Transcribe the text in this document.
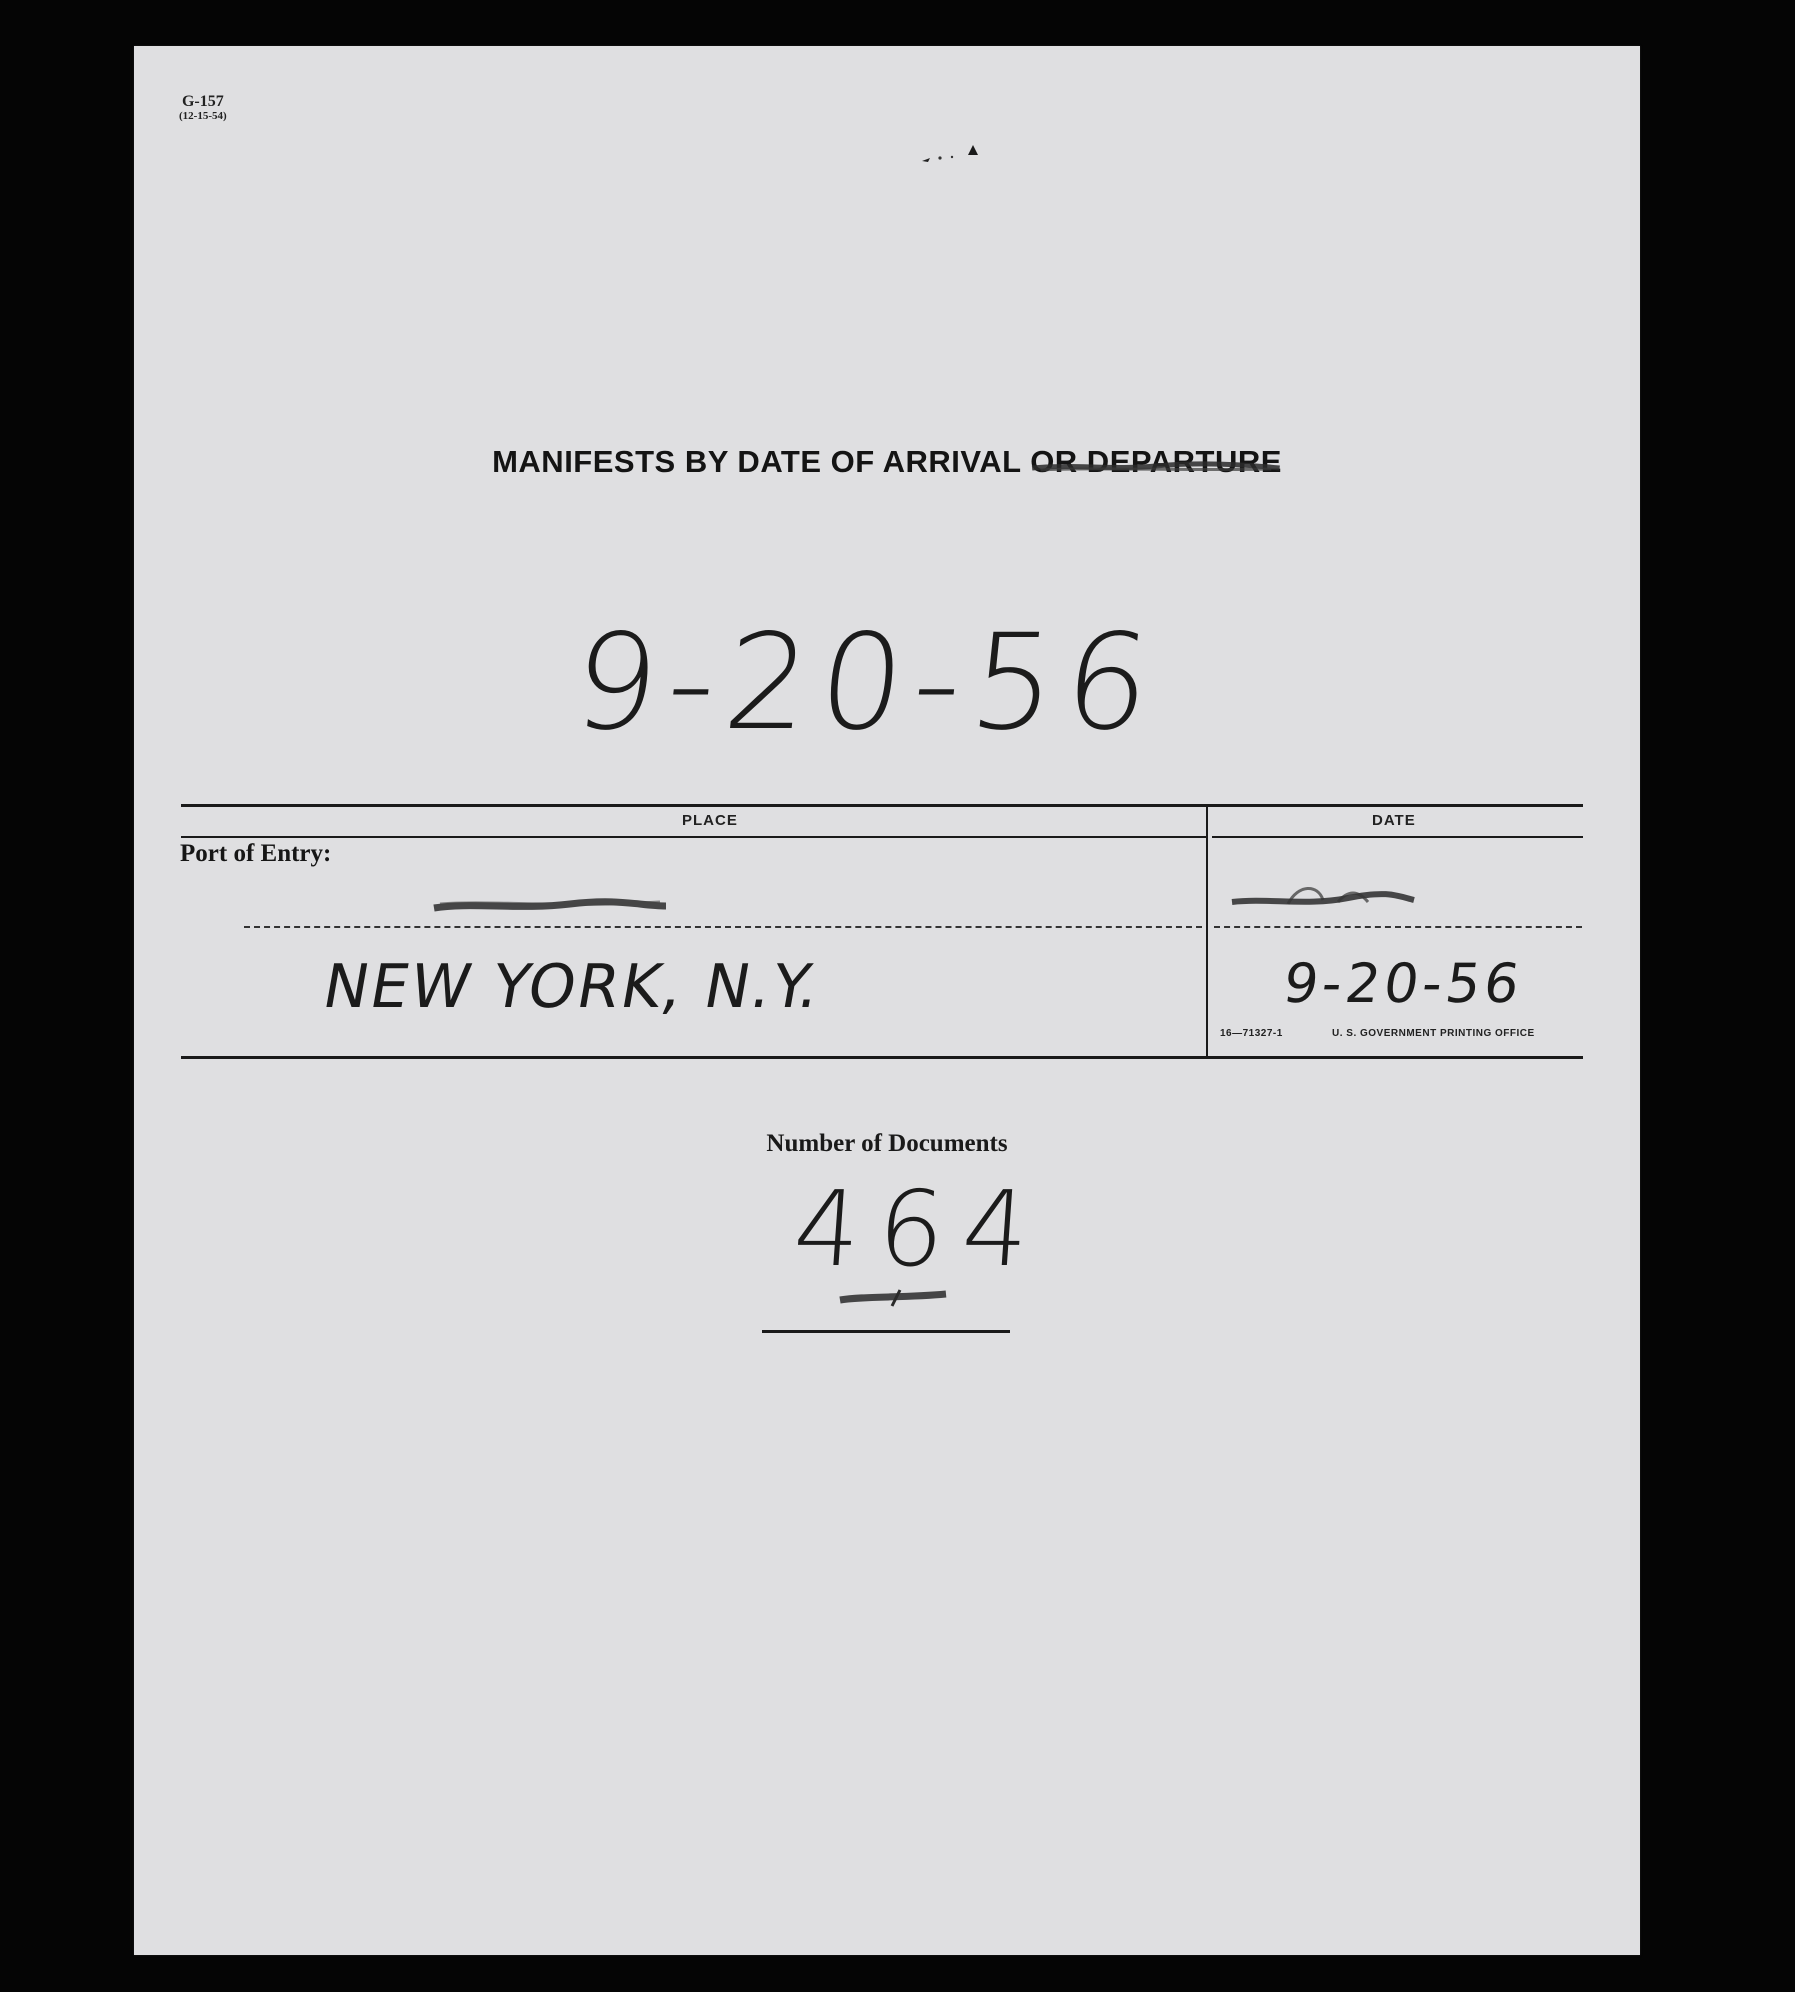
G-157
(12-15-54)
MANIFESTS BY DATE OF ARRIVAL OR DEPARTURE
9-20-56
PLACE	DATE
Port of Entry:
NEW YORK, N.Y.	9-20-56
16—71327-1	U. S. GOVERNMENT PRINTING OFFICE
Number of Documents
464
